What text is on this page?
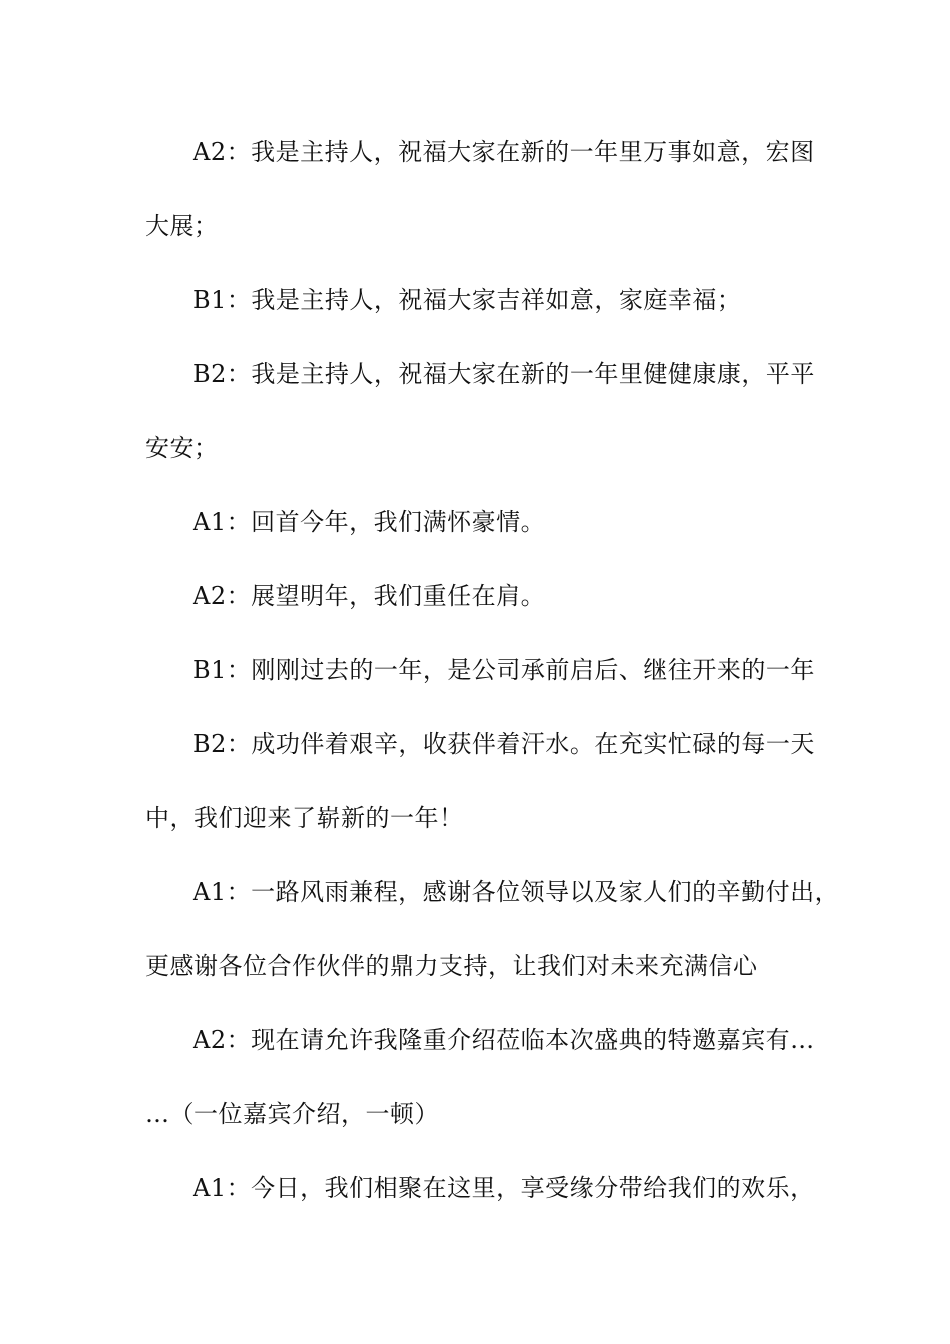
A2：我是主持人，祝福大家在新的一年里万事如意，宏图
大展；
B1：我是主持人，祝福大家吉祥如意，家庭幸福；
B2：我是主持人，祝福大家在新的一年里健健康康，平平
安安；
A1：回首今年，我们满怀豪情。
A2：展望明年，我们重任在肩。
B1：刚刚过去的一年，是公司承前启后、继往开来的一年
B2：成功伴着艰辛，收获伴着汗水。在充实忙碌的每一天
中，我们迎来了崭新的一年！
A1：一路风雨兼程，感谢各位领导以及家人们的辛勤付出，
更感谢各位合作伙伴的鼎力支持，让我们对未来充满信心
A2：现在请允许我隆重介绍莅临本次盛典的特邀嘉宾有…
…（一位嘉宾介绍，一顿）
A1：今日，我们相聚在这里，享受缘分带给我们的欢乐，
